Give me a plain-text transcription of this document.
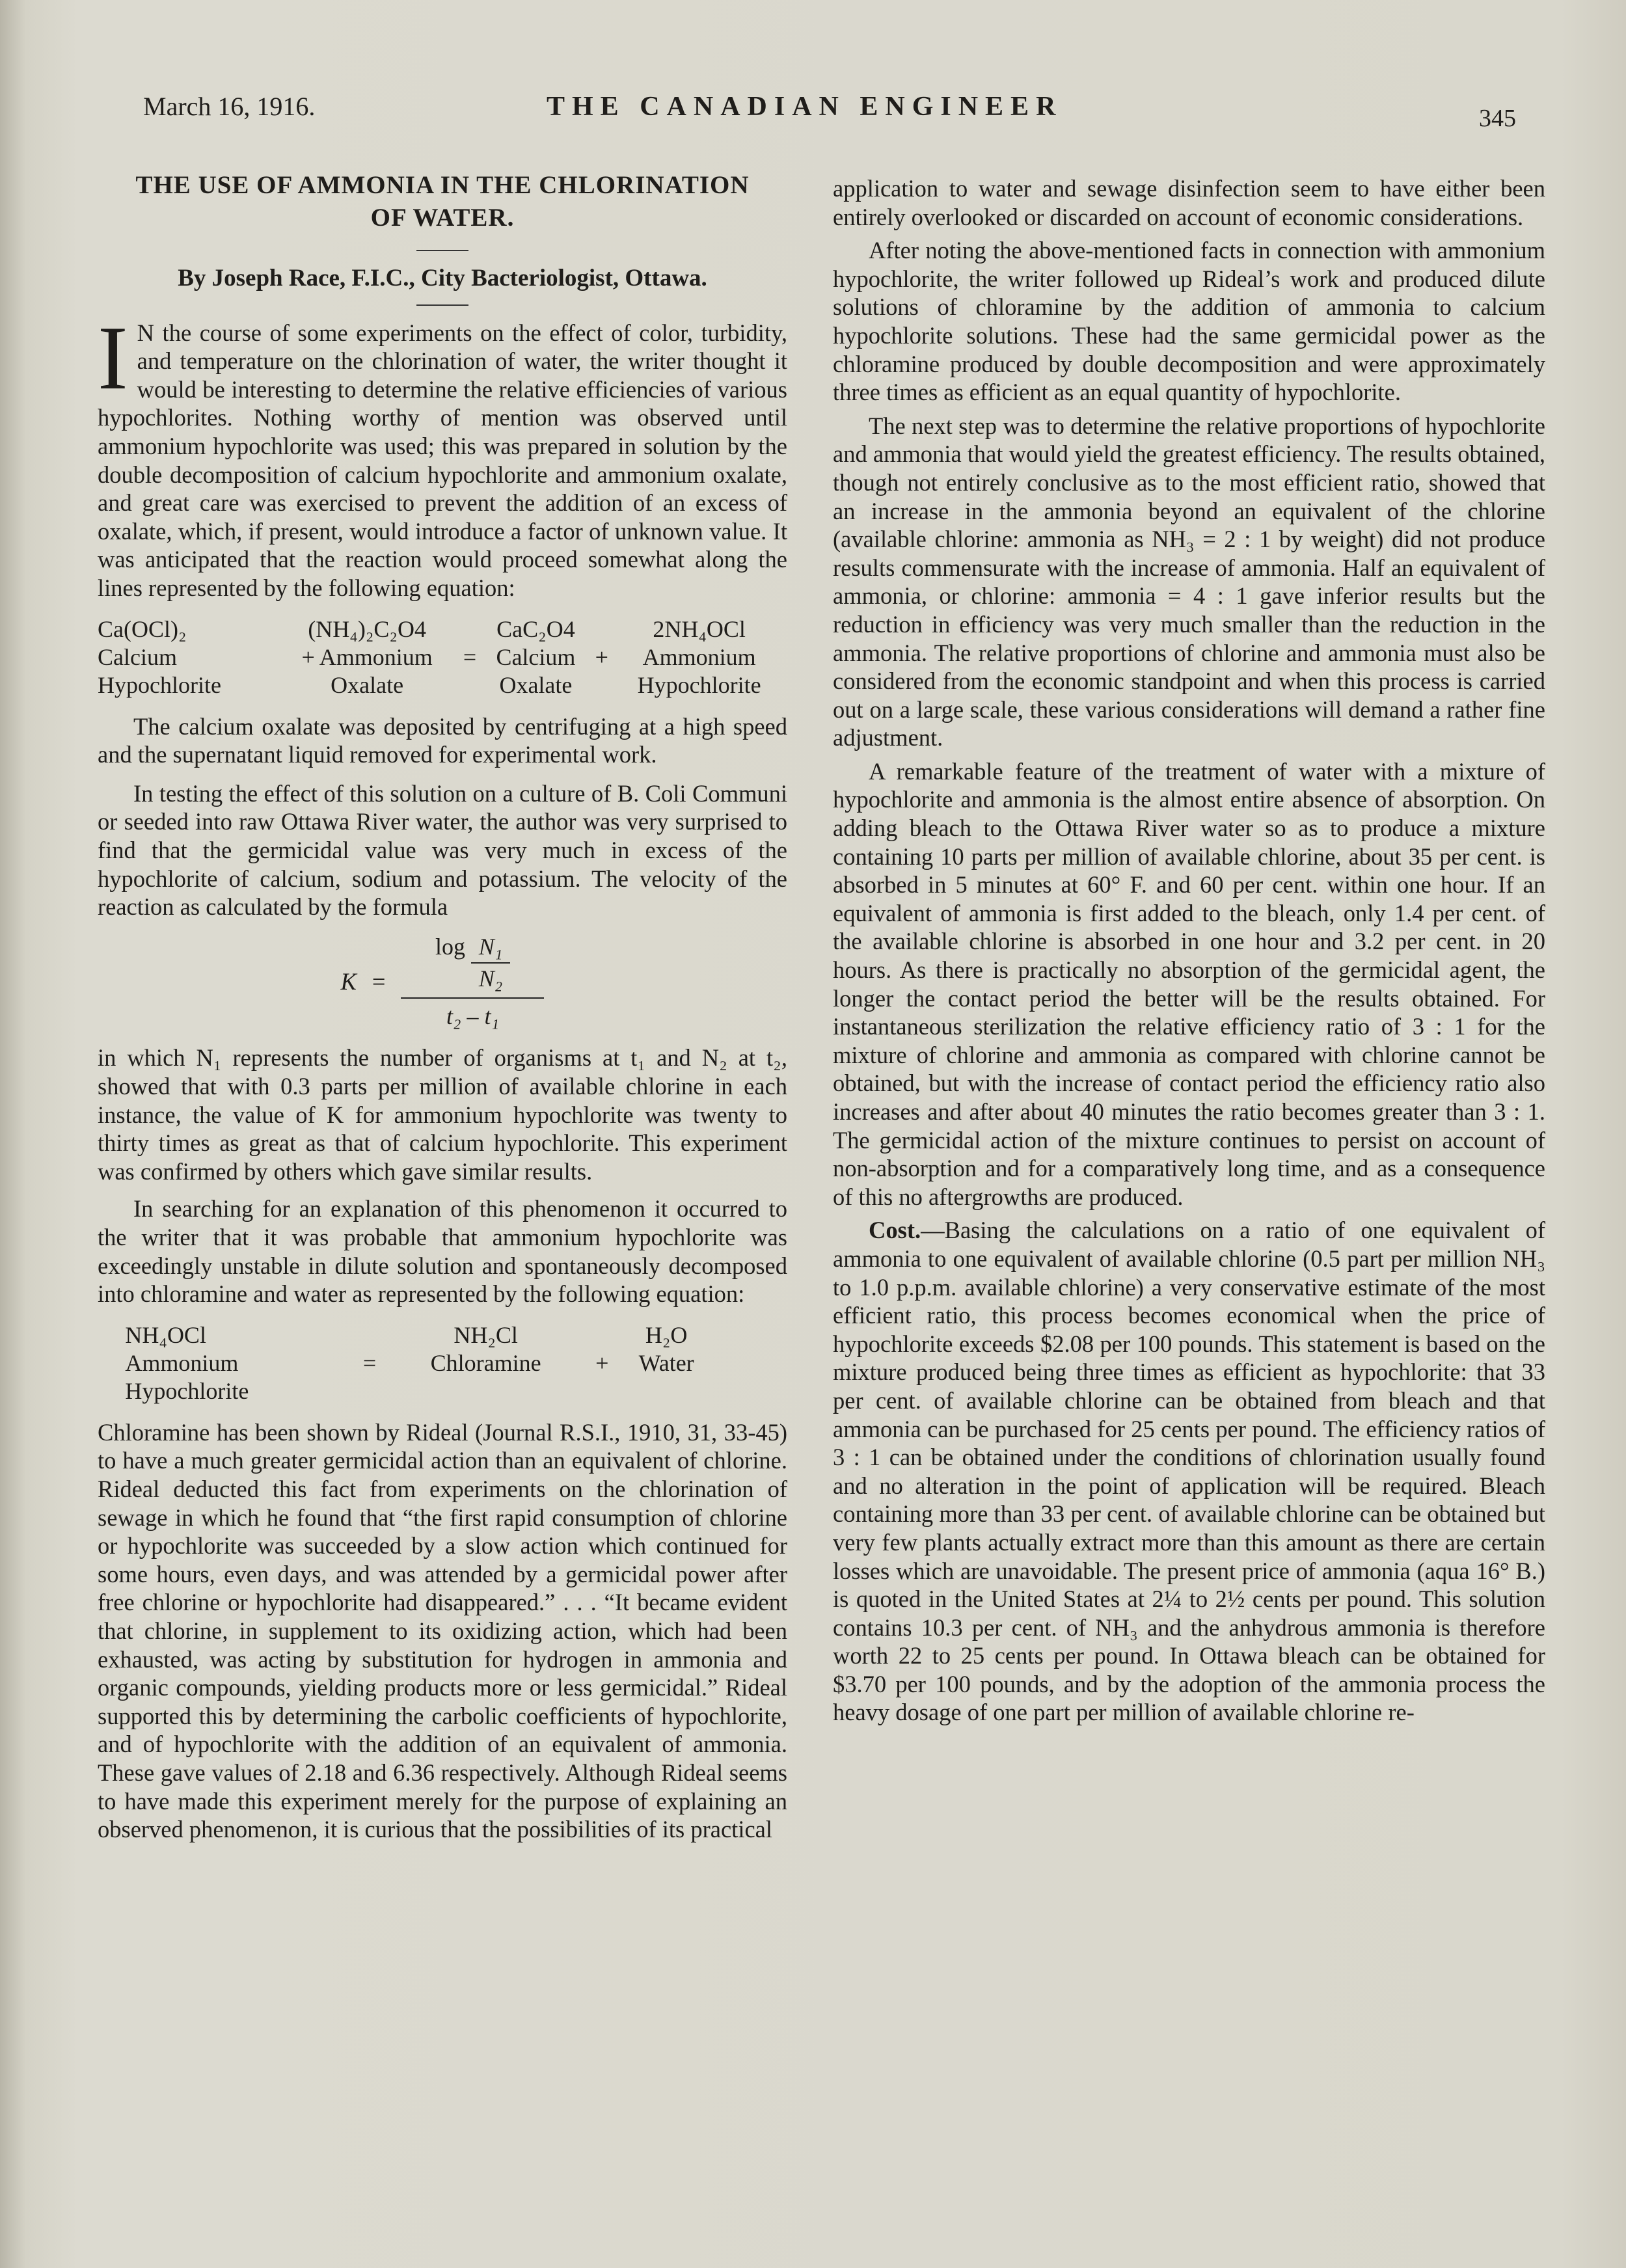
March 16, 1916.	THE CANADIAN ENGINEER	345
THE USE OF AMMONIA IN THE CHLORINATION
OF WATER.
By Joseph Race, F.I.C., City Bacteriologist, Ottawa.

I N the course of some experiments on the effect of color, turbidity, and temperature on the chlorination of water, the writer thought it would be interesting to determine the relative efficiencies of various hypochlorites. Nothing worthy of mention was observed until ammonium hypochlorite was used; this was prepared in solution by the double decomposition of calcium hypochlorite and ammonium oxalate, and great care was exercised to prevent the addition of an excess of oxalate, which, if present, would introduce a factor of unknown value. It was anticipated that the reaction would proceed somewhat along the lines represented by the following equation:

Ca(OCl)₂
Calcium
Hypochlorite

(NH₄)₂C₂O4
+ Ammonium
Oxalate
	=	
CaC₂O4
Calcium
Oxalate
	+	
2NH₄OCl
Ammonium
Hypochlorite

The calcium oxalate was deposited by centrifuging at a high speed and the supernatant liquid removed for experimental work.

In testing the effect of this solution on a culture of B. Coli Communi or seeded into raw Ottawa River water, the author was very surprised to find that the germicidal value was very much in excess of the hypochlorite of calcium, sodium and potassium. The velocity of the reaction as calculated by the formula

K =
$\log \frac{\text{N₁}}{\text{N₂}}$
t₂ – t₁

in which N₁ represents the number of organisms at t₁ and N₂ at t₂, showed that with 0.3 parts per million of available chlorine in each instance, the value of K for ammonium hypochlorite was twenty to thirty times as great as that of calcium hypochlorite. This experiment was confirmed by others which gave similar results.

In searching for an explanation of this phenomenon it occurred to the writer that it was probable that ammonium hypochlorite was exceedingly unstable in dilute solution and spontaneously decomposed into chloramine and water as represented by the following equation:

NH₄OCl
Ammonium
Hypochlorite
	=	
NH₂Cl
Chloramine	+	
H₂O
Water

Chloramine has been shown by Rideal (Journal R.S.I., 1910, 31, 33-45) to have a much greater germicidal action than an equivalent of chlorine. Rideal deducted this fact from experiments on the chlorination of sewage in which he found that “the first rapid consumption of chlorine or hypochlorite was succeeded by a slow action which continued for some hours, even days, and was attended by a germicidal power after free chlorine or hypochlorite had disappeared.” . . . “It became evident that chlorine, in supplement to its oxidizing action, which had been exhausted, was acting by substitution for hydrogen in ammonia and organic compounds, yielding products more or less germicidal.” Rideal supported this by determining the carbolic coefficients of hypochlorite, and of hypochlorite with the addition of an equivalent of ammonia. These gave values of 2.18 and 6.36 respectively. Although Rideal seems to have made this experiment merely for the purpose of explaining an observed phenomenon, it is curious that the possibilities of its practical

application to water and sewage disinfection seem to have either been entirely overlooked or discarded on account of economic considerations.

After noting the above-mentioned facts in connection with ammonium hypochlorite, the writer followed up Rideal’s work and produced dilute solutions of chloramine by the addition of ammonia to calcium hypochlorite solutions. These had the same germicidal power as the chloramine produced by double decomposition and were approximately three times as efficient as an equal quantity of hypochlorite.

The next step was to determine the relative proportions of hypochlorite and ammonia that would yield the greatest efficiency. The results obtained, though not entirely conclusive as to the most efficient ratio, showed that an increase in the ammonia beyond an equivalent of the chlorine (available chlorine: ammonia as NH₃ = 2 : 1 by weight) did not produce results commensurate with the increase of ammonia. Half an equivalent of ammonia, or chlorine: ammonia = 4 : 1 gave inferior results but the reduction in efficiency was very much smaller than the reduction in the ammonia. The relative proportions of chlorine and ammonia must also be considered from the economic standpoint and when this process is carried out on a large scale, these various considerations will demand a rather fine adjustment.

A remarkable feature of the treatment of water with a mixture of hypochlorite and ammonia is the almost entire absence of absorption. On adding bleach to the Ottawa River water so as to produce a mixture containing 10 parts per million of available chlorine, about 35 per cent. is absorbed in 5 minutes at 60° F. and 60 per cent. within one hour. If an equivalent of ammonia is first added to the bleach, only 1.4 per cent. of the available chlorine is absorbed in one hour and 3.2 per cent. in 20 hours. As there is practically no absorption of the germicidal agent, the longer the contact period the better will be the results obtained. For instantaneous sterilization the relative efficiency ratio of 3 : 1 for the mixture of chlorine and ammonia as compared with chlorine cannot be obtained, but with the increase of contact period the efficiency ratio also increases and after about 40 minutes the ratio becomes greater than 3 : 1. The germicidal action of the mixture continues to persist on account of non-absorption and for a comparatively long time, and as a consequence of this no aftergrowths are produced.

Cost.—Basing the calculations on a ratio of one equivalent of ammonia to one equivalent of available chlorine (0.5 part per million NH₃ to 1.0 p.p.m. available chlorine) a very conservative estimate of the most efficient ratio, this process becomes economical when the price of hypochlorite exceeds $2.08 per 100 pounds. This statement is based on the mixture produced being three times as efficient as hypochlorite: that 33 per cent. of available chlorine can be obtained from bleach and that ammonia can be purchased for 25 cents per pound. The efficiency ratios of 3 : 1 can be obtained under the conditions of chlorination usually found and no alteration in the point of application will be required. Bleach containing more than 33 per cent. of available chlorine can be obtained but very few plants actually extract more than this amount as there are certain losses which are unavoidable. The present price of ammonia (aqua 16° B.) is quoted in the United States at 2¼ to 2½ cents per pound. This solution contains 10.3 per cent. of NH₃ and the anhydrous ammonia is therefore worth 22 to 25 cents per pound. In Ottawa bleach can be obtained for $3.70 per 100 pounds, and by the adoption of the ammonia process the heavy dosage of one part per million of available chlorine re-
